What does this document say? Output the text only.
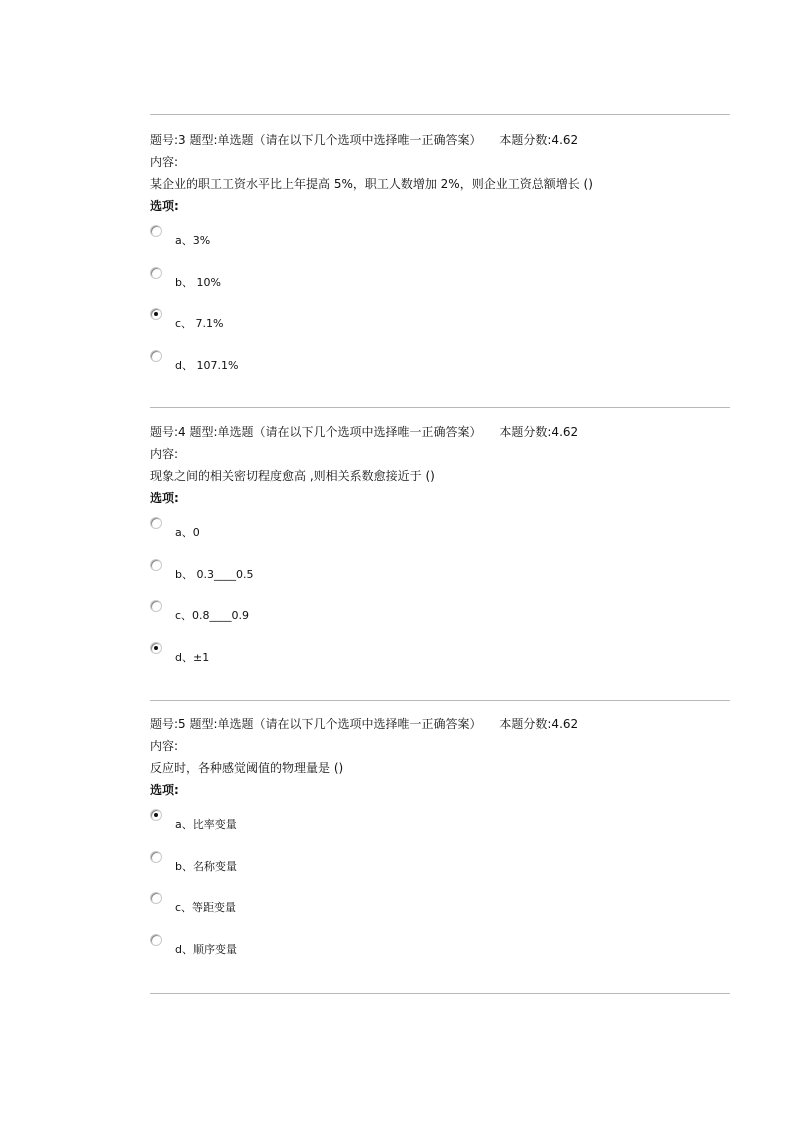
题号:3 题型:单选题（请在以下几个选项中选择唯一正确答案） 本题分数:4.62
内容:
某企业的职工工资水平比上年提高 5%，职工人数增加 2%，则企业工资总额增长 ()
选项:
a、3%
b、 10%
c、 7.1%
d、 107.1%
题号:4 题型:单选题（请在以下几个选项中选择唯一正确答案） 本题分数:4.62
内容:
现象之间的相关密切程度愈高 ,则相关系数愈接近于 ()
选项:
a、0
b、 0.3____0.5
c、0.8____0.9
d、±1
题号:5 题型:单选题（请在以下几个选项中选择唯一正确答案） 本题分数:4.62
内容:
反应时，各种感觉阈值的物理量是 ()
选项:
a、比率变量
b、名称变量
c、等距变量
d、顺序变量
